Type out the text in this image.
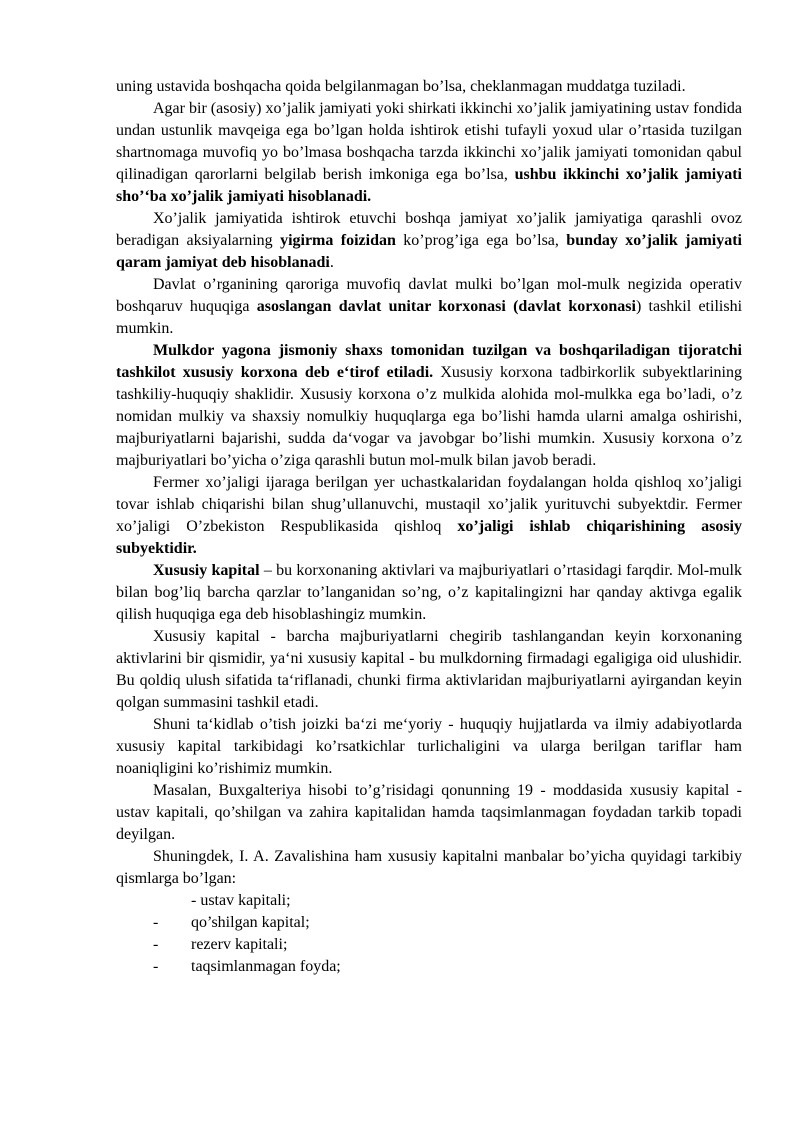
uning ustavida boshqacha qoida belgilanmagan bo’lsa, cheklanmagan muddatga tuziladi.

Agar bir (asosiy) xo’jalik jamiyati yoki shirkati ikkinchi xo’jalik jamiyatining ustav fondida undan ustunlik mavqeiga ega bo’lgan holda ishtirok etishi tufayli yoxud ular o’rtasida tuzilgan shartnomaga muvofiq yo bo’lmasa boshqacha tarzda ikkinchi xo’jalik jamiyati tomonidan qabul qilinadigan qarorlarni belgilab berish imkoniga ega bo’lsa, ushbu ikkinchi xo’jalik jamiyati sho’‘ba xo’jalik jamiyati hisoblanadi.

Xo’jalik jamiyatida ishtirok etuvchi boshqa jamiyat xo’jalik jamiyatiga qarashli ovoz beradigan aksiyalarning yigirma foizidan ko’prog’iga ega bo’lsa, bunday xo’jalik jamiyati qaram jamiyat deb hisoblanadi.

Davlat o’rganining qaroriga muvofiq davlat mulki bo’lgan mol-mulk negizida operativ boshqaruv huquqiga asoslangan davlat unitar korxonasi (davlat korxonasi) tashkil etilishi mumkin.

Mulkdor yagona jismoniy shaxs tomonidan tuzilgan va boshqariladigan tijoratchi tashkilot xususiy korxona deb e‘tirof etiladi. Xususiy korxona tadbirkorlik subyektlarining tashkiliy-huquqiy shaklidir. Xususiy korxona o’z mulkida alohida mol-mulkka ega bo’ladi, o’z nomidan mulkiy va shaxsiy nomulkiy huquqlarga ega bo’lishi hamda ularni amalga oshirishi, majburiyatlarni bajarishi, sudda da‘vogar va javobgar bo’lishi mumkin. Xususiy korxona o’z majburiyatlari bo’yicha o’ziga qarashli butun mol-mulk bilan javob beradi.

Fermer xo’jaligi ijaraga berilgan yer uchastkalaridan foydalangan holda qishloq xo’jaligi tovar ishlab chiqarishi bilan shug’ullanuvchi, mustaqil xo’jalik yurituvchi subyektdir. Fermer xo’jaligi O’zbekiston Respublikasida qishloq xo’jaligi ishlab chiqarishining asosiy subyektidir.

Xususiy kapital – bu korxonaning aktivlari va majburiyatlari o’rtasidagi farqdir. Mol-mulk bilan bog’liq barcha qarzlar to’langanidan so’ng, o’z kapitalingizni har qanday aktivga egalik qilish huquqiga ega deb hisoblashingiz mumkin.

Xususiy kapital - barcha majburiyatlarni chegirib tashlangandan keyin korxonaning aktivlarini bir qismidir, ya‘ni xususiy kapital - bu mulkdorning firmadagi egaligiga oid ulushidir. Bu qoldiq ulush sifatida ta‘riflanadi, chunki firma aktivlaridan majburiyatlarni ayirgandan keyin qolgan summasini tashkil etadi.

Shuni ta‘kidlab o’tish joizki ba‘zi me‘yoriy - huquqiy hujjatlarda va ilmiy adabiyotlarda xususiy kapital tarkibidagi ko’rsatkichlar turlichaligini va ularga berilgan tariflar ham noaniqligini ko’rishimiz mumkin.

Masalan, Buxgalteriya hisobi to’g’risidagi qonunning 19 - moddasida xususiy kapital - ustav kapitali, qo’shilgan va zahira kapitalidan hamda taqsimlanmagan foydadan tarkib topadi deyilgan.

Shuningdek, I. A. Zavalishina ham xususiy kapitalni manbalar bo’yicha quyidagi tarkibiy qismlarga bo’lgan:

- ustav kapitali;
- qo’shilgan kapital;
- rezerv kapitali;
- taqsimlanmagan foyda;
